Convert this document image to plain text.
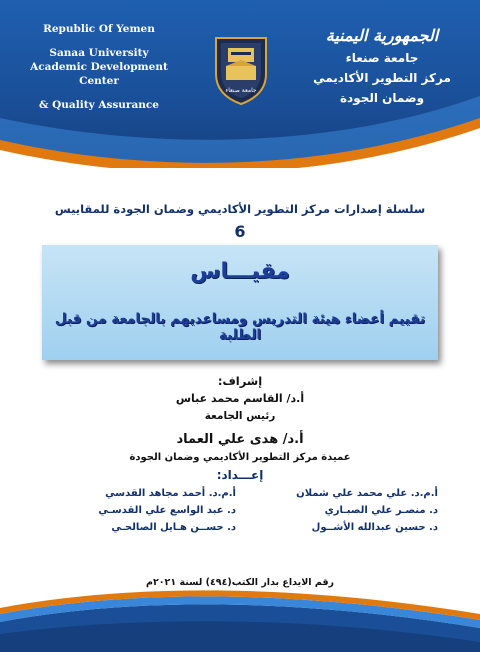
Republic Of Yemen
Sanaa University
Academic Development Center
& Quality Assurance
جامعة صنعاء
الجمهورية اليمنية
جامعة صنعاء
مركز التطوير الأكاديمي
وضمان الجودة
سلسلة إصدارات مركز التطوير الأكاديمي وضمان الجودة للمقاييس
6
مقيـــاس
تقييم أعضاء هيئة التدريس ومساعديهم بالجامعة من قبل الطلبة
إشراف:
أ.د/ القاسم محمد عباس
رئيس الجامعة
أ.د/ هدى علي العماد
عميدة مركز التطوير الأكاديمي وضمان الجودة
إعـــداد:
أ.م.د. علي محمد علي شملان
أ.م.د. أحمد مجاهد القدسي
د. منصـر علي الصبـاري
د. عبد الواسع علي القدسـي
د. حسين عبدالله الأشــول
د. حســن هـايل الصالحـي
رقم الايداع بدار الكتب(٤٩٤) لسنة ٢٠٢١م
